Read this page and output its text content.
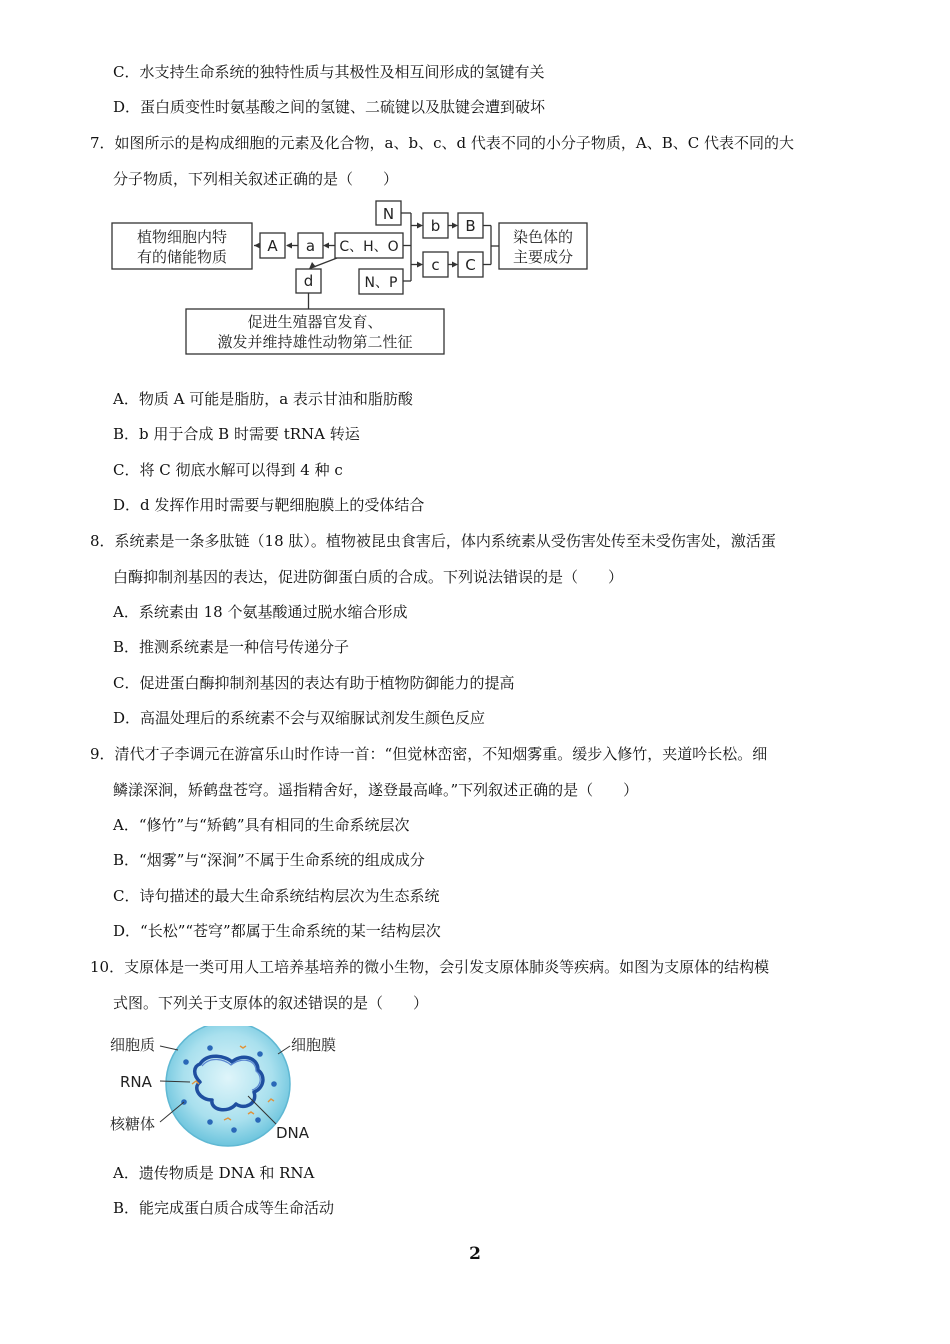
C．水支持生命系统的独特性质与其极性及相互间形成的氢键有关
D．蛋白质变性时氨基酸之间的氢键、二硫键以及肽键会遭到破坏
7．如图所示的是构成细胞的元素及化合物，a、b、c、d 代表不同的小分子物质，A、B、C 代表不同的大
分子物质，下列相关叙述正确的是（　　）
植物细胞内特
有的储能物质
A a C、H、O
N
b B
N、P
c C
染色体的
主要成分
d
促进生殖器官发育、
激发并维持雄性动物第二性征
A．物质 A 可能是脂肪，a 表示甘油和脂肪酸
B．b 用于合成 B 时需要 tRNA 转运
C．将 C 彻底水解可以得到 4 种 c
D．d 发挥作用时需要与靶细胞膜上的受体结合
8．系统素是一条多肽链（18 肽）。植物被昆虫食害后，体内系统素从受伤害处传至未受伤害处，激活蛋
白酶抑制剂基因的表达，促进防御蛋白质的合成。下列说法错误的是（　　）
A．系统素由 18 个氨基酸通过脱水缩合形成
B．推测系统素是一种信号传递分子
C．促进蛋白酶抑制剂基因的表达有助于植物防御能力的提高
D．高温处理后的系统素不会与双缩脲试剂发生颜色反应
9．清代才子李调元在游富乐山时作诗一首：“但觉林峦密，不知烟雾重。缓步入修竹，夹道吟长松。细
鳞漾深涧，矫鹤盘苍穹。遥指精舍好，遂登最高峰。”下列叙述正确的是（　　）
A．“修竹”与“矫鹤”具有相同的生命系统层次
B．“烟雾”与“深涧”不属于生命系统的组成成分
C．诗句描述的最大生命系统结构层次为生态系统
D．“长松”“苍穹”都属于生命系统的某一结构层次
10．支原体是一类可用人工培养基培养的微小生物，会引发支原体肺炎等疾病。如图为支原体的结构模
式图。下列关于支原体的叙述错误的是（　　）
细胞质	细胞膜
RNA
核糖体	DNA
A．遗传物质是 DNA 和 RNA
B．能完成蛋白质合成等生命活动
2
